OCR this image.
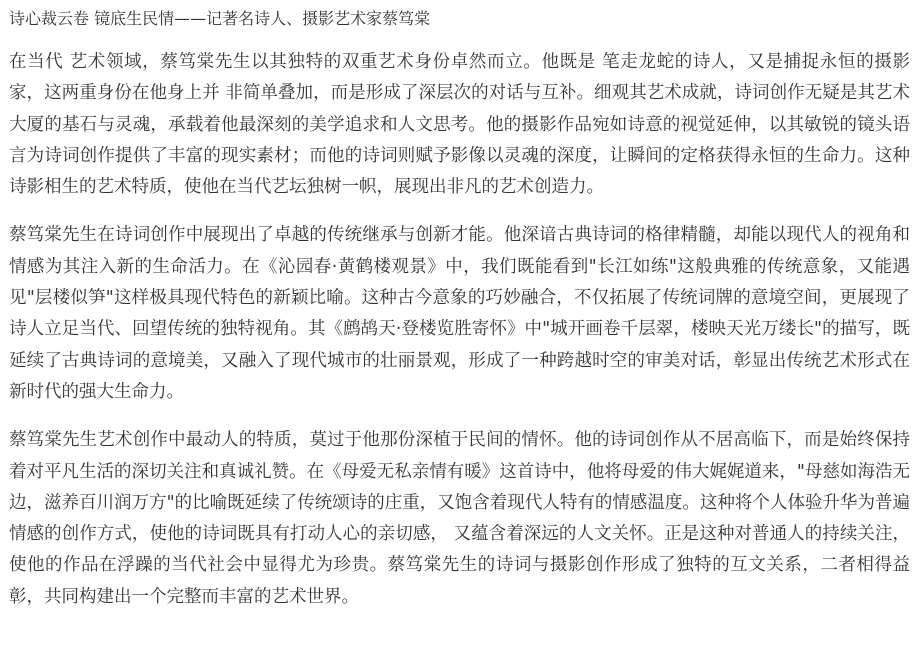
诗心裁云卷 镜底生民情——记著名诗人、摄影艺术家蔡笃棠

在当代 艺术领域，蔡笃棠先生以其独特的双重艺术身份卓然而立。他既是 笔走龙蛇的诗人，又是捕捉永恒的摄影家，这两重身份在他身上并 非简单叠加，而是形成了深层次的对话与互补。细观其艺术成就，诗词创作无疑是其艺术大厦的基石与灵魂，承载着他最深刻的美学追求和人文思考。他的摄影作品宛如诗意的视觉延伸，以其敏锐的镜头语言为诗词创作提供了丰富的现实素材；而他的诗词则赋予影像以灵魂的深度，让瞬间的定格获得永恒的生命力。这种诗影相生的艺术特质，使他在当代艺坛独树一帜，展现出非凡的艺术创造力。

蔡笃棠先生在诗词创作中展现出了卓越的传统继承与创新才能。他深谙古典诗词的格律精髓，却能以现代人的视角和情感为其注入新的生命活力。在《沁园春·黄鹤楼观景》中，我们既能看到"长江如练"这般典雅的传统意象，又能遇见"层楼似笋"这样极具现代特色的新颖比喻。这种古今意象的巧妙融合，不仅拓展了传统词牌的意境空间，更展现了诗人立足当代、回望传统的独特视角。其《鹧鸪天·登楼览胜寄怀》中"城开画卷千层翠，楼映天光万缕长"的描写，既延续了古典诗词的意境美，又融入了现代城市的壮丽景观，形成了一种跨越时空的审美对话，彰显出传统艺术形式在新时代的强大生命力。

蔡笃棠先生艺术创作中最动人的特质，莫过于他那份深植于民间的情怀。他的诗词创作从不居高临下，而是始终保持着对平凡生活的深切关注和真诚礼赞。在《母爱无私亲情有暖》这首诗中，他将母爱的伟大娓娓道来，"母慈如海浩无边，滋养百川润万方"的比喻既延续了传统颂诗的庄重，又饱含着现代人特有的情感温度。这种将个人体验升华为普遍情感的创作方式，使他的诗词既具有打动人心的亲切感， 又蕴含着深远的人文关怀。正是这种对普通人的持续关注，使他的作品在浮躁的当代社会中显得尤为珍贵。蔡笃棠先生的诗词与摄影创作形成了独特的互文关系，二者相得益彰，共同构建出一个完整而丰富的艺术世界。
